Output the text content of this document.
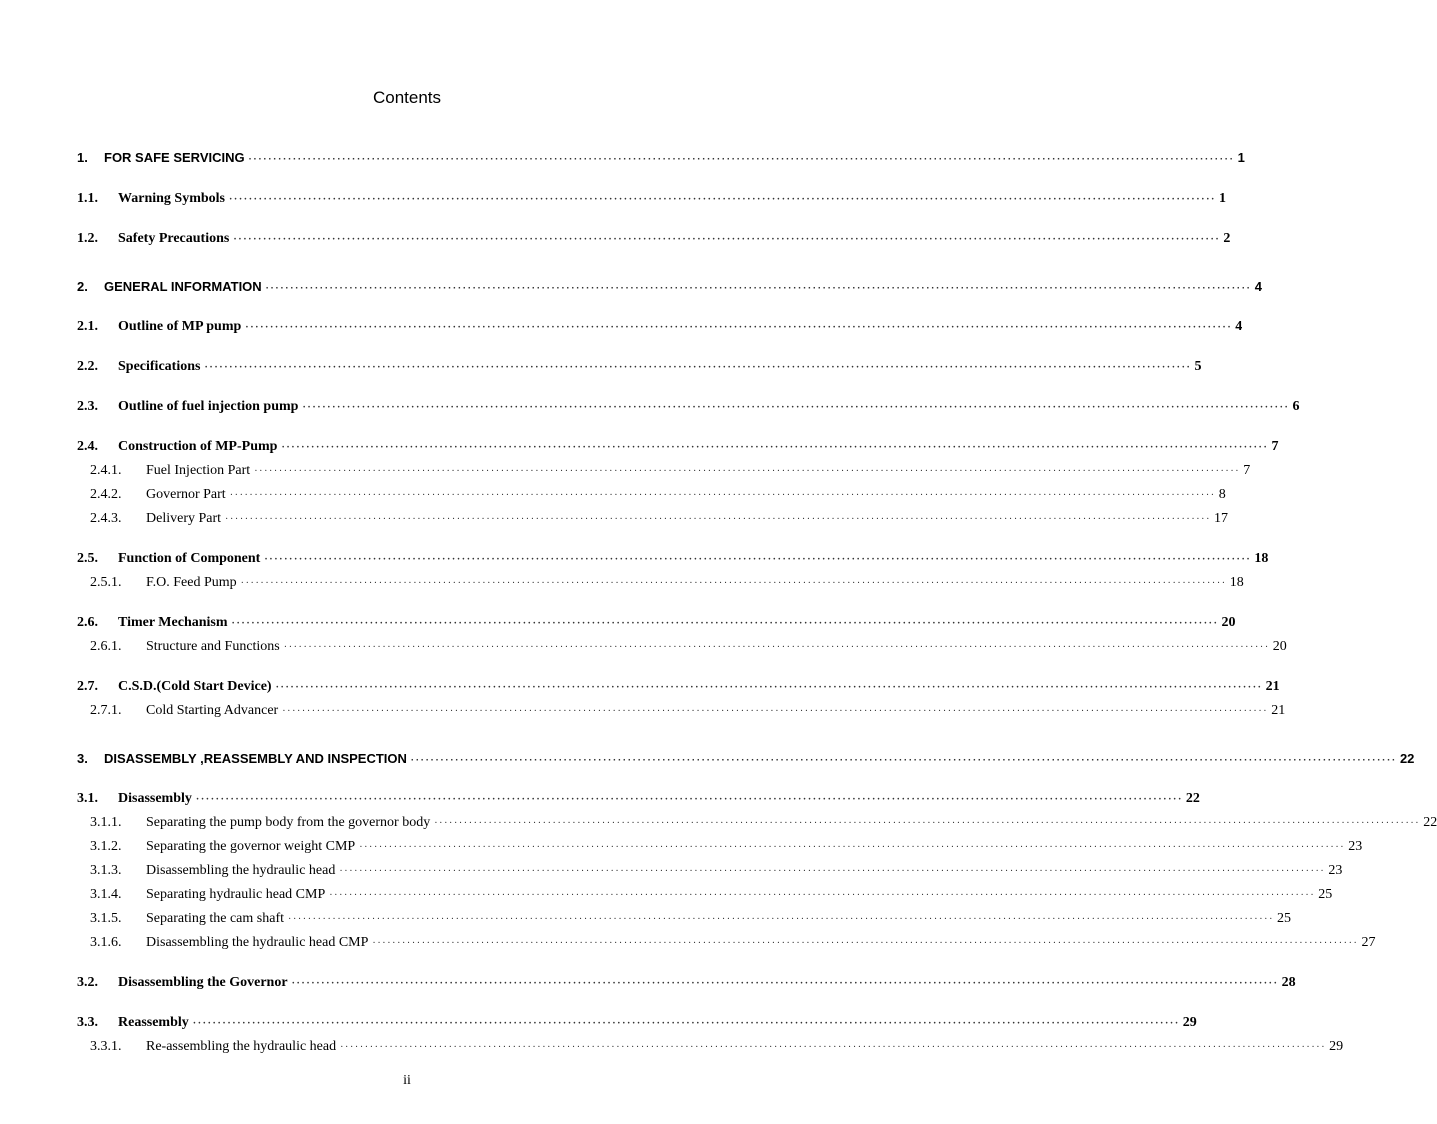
Contents
1.	FOR SAFE SERVICING ········································································································································································································ 1
1.1.	Warning Symbols ········································································································································································································ 1
1.2.	Safety Precautions ········································································································································································································ 2
2.	GENERAL INFORMATION ········································································································································································································ 4
2.1.	Outline of MP pump ········································································································································································································ 4
2.2.	Specifications ········································································································································································································ 5
2.3.	Outline of fuel injection pump ········································································································································································································ 6
2.4.	Construction of MP-Pump ········································································································································································································ 7
2.4.1.	Fuel Injection Part ········································································································································································································ 7
2.4.2.	Governor Part ········································································································································································································ 8
2.4.3.	Delivery Part ········································································································································································································ 17
2.5.	Function of Component ········································································································································································································ 18
2.5.1.	F.O. Feed Pump ········································································································································································································ 18
2.6.	Timer Mechanism ········································································································································································································ 20
2.6.1.	Structure and Functions ········································································································································································································ 20
2.7.	C.S.D.(Cold Start Device) ········································································································································································································ 21
2.7.1.	Cold Starting Advancer ········································································································································································································ 21
3.	DISASSEMBLY ,REASSEMBLY AND INSPECTION ········································································································································································································ 22
3.1.	Disassembly ········································································································································································································ 22
3.1.1.	Separating the pump body from the governor body ········································································································································································································ 22
3.1.2.	Separating the governor weight CMP ········································································································································································································ 23
3.1.3.	Disassembling the hydraulic head ········································································································································································································ 23
3.1.4.	Separating hydraulic head CMP ········································································································································································································ 25
3.1.5.	Separating the cam shaft ········································································································································································································ 25
3.1.6.	Disassembling the hydraulic head CMP ········································································································································································································ 27
3.2.	Disassembling the Governor ········································································································································································································ 28
3.3.	Reassembly ········································································································································································································ 29
3.3.1.	Re-assembling the hydraulic head ········································································································································································································ 29
ii
